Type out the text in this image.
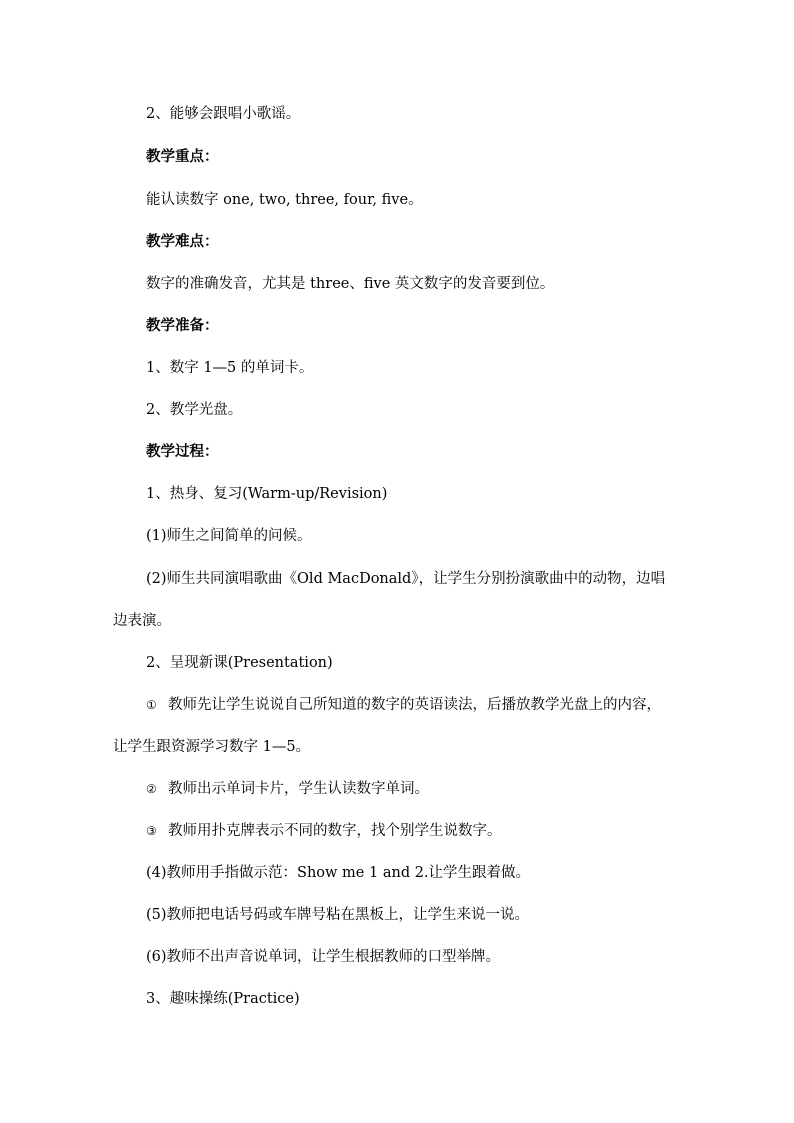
2、能够会跟唱小歌谣。
教学重点：
能认读数字 one, two, three, four, five。
教学难点：
数字的准确发音，尤其是 three、five 英文数字的发音要到位。
教学准备：
1、数字 1—5 的单词卡。
2、教学光盘。
教学过程：
1、热身、复习(Warm-up/Revision)
(1)师生之间简单的问候。
(2)师生共同演唱歌曲《Old MacDonald》，让学生分别扮演歌曲中的动物，边唱
边表演。
2、呈现新课(Presentation)
① 教师先让学生说说自己所知道的数字的英语读法，后播放教学光盘上的内容，
让学生跟资源学习数字 1—5。
② 教师出示单词卡片，学生认读数字单词。
③ 教师用扑克牌表示不同的数字，找个别学生说数字。
(4)教师用手指做示范：Show me 1 and 2.让学生跟着做。
(5)教师把电话号码或车牌号粘在黑板上，让学生来说一说。
(6)教师不出声音说单词，让学生根据教师的口型举牌。
3、趣味操练(Practice)
